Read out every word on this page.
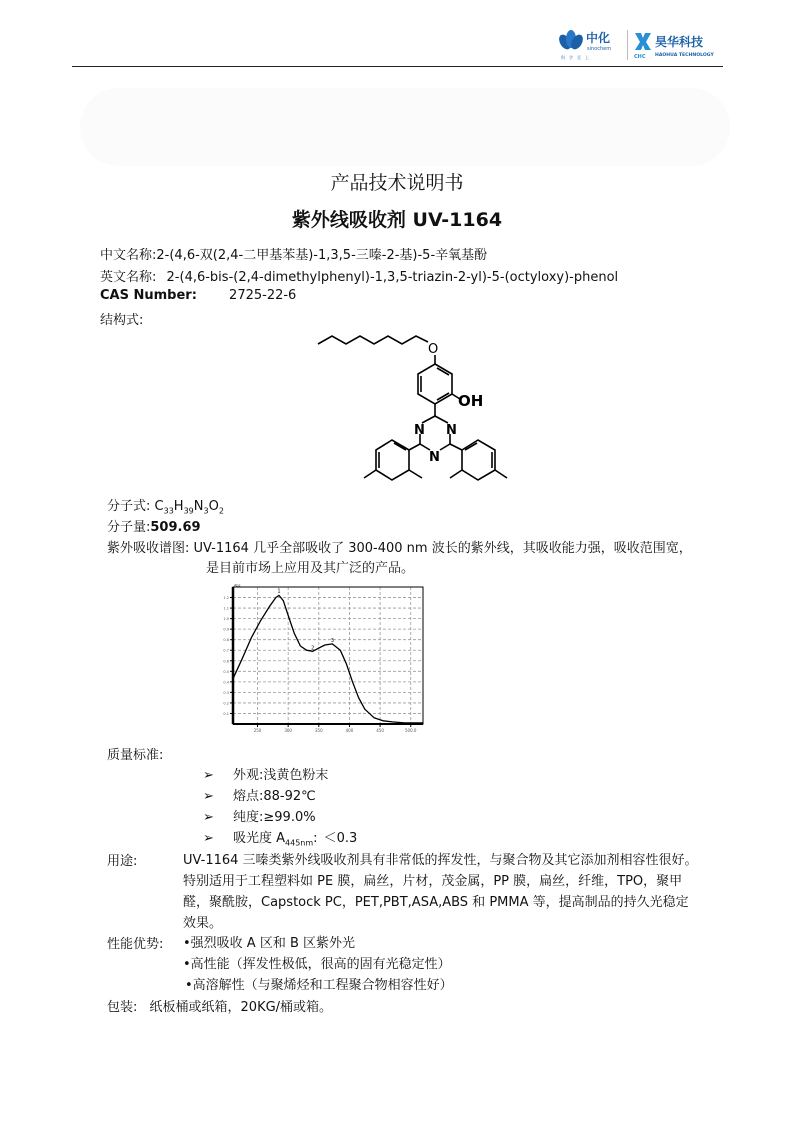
中化
sinochem
科学至上	CHC
昊华科技
HAOHUA TECHNOLOGY
产品技术说明书
紫外线吸收剂 UV-1164
中文名称:2-(4,6-双(2,4-二甲基苯基)-1,3,5-三嗪-2-基)-5-辛氧基酚
英文名称: 2-(4,6-bis-(2,4-dimethylphenyl)-1,3,5-triazin-2-yl)-5-(octyloxy)-phenol
CAS Number: 2725-22-6
结构式:
O
OH
N N
N
分子式: $C_{33}H_{39}N_3O_2$
分子量:509.69
紫外吸收谱图: UV-1164 几乎全部吸收了 300-400 nm 波长的紫外线，其吸收能力强，吸收范围宽，
是目前市场上应用及其广泛的产品。
0.1
0.2
0.3
0.4
0.5
0.6
0.7
0.8
0.9
1.0
1.1
1.2
250	300	350	400	450	500.0
Abs
1
2
3
质量标准:
➢ 外观:浅黄色粉末
➢ 熔点:88-92℃
➢ 纯度:≥99.0%
➢ 吸光度 $A_{445nm}$: ＜0.3
用途:	UV-1164 三嗪类紫外线吸收剂具有非常低的挥发性，与聚合物及其它添加剂相容性很好。
特别适用于工程塑料如 PE 膜，扁丝，片材，茂金属，PP 膜，扁丝，纤维，TPO，聚甲
醛，聚酰胺，Capstock PC，PET,PBT,ASA,ABS 和 PMMA 等，提高制品的持久光稳定
效果。
性能优势: •强烈吸收 A 区和 B 区紫外光
•高性能（挥发性极低，很高的固有光稳定性）
•高溶解性（与聚烯烃和工程聚合物相容性好）
包装: 纸板桶或纸箱，20KG/桶或箱。
